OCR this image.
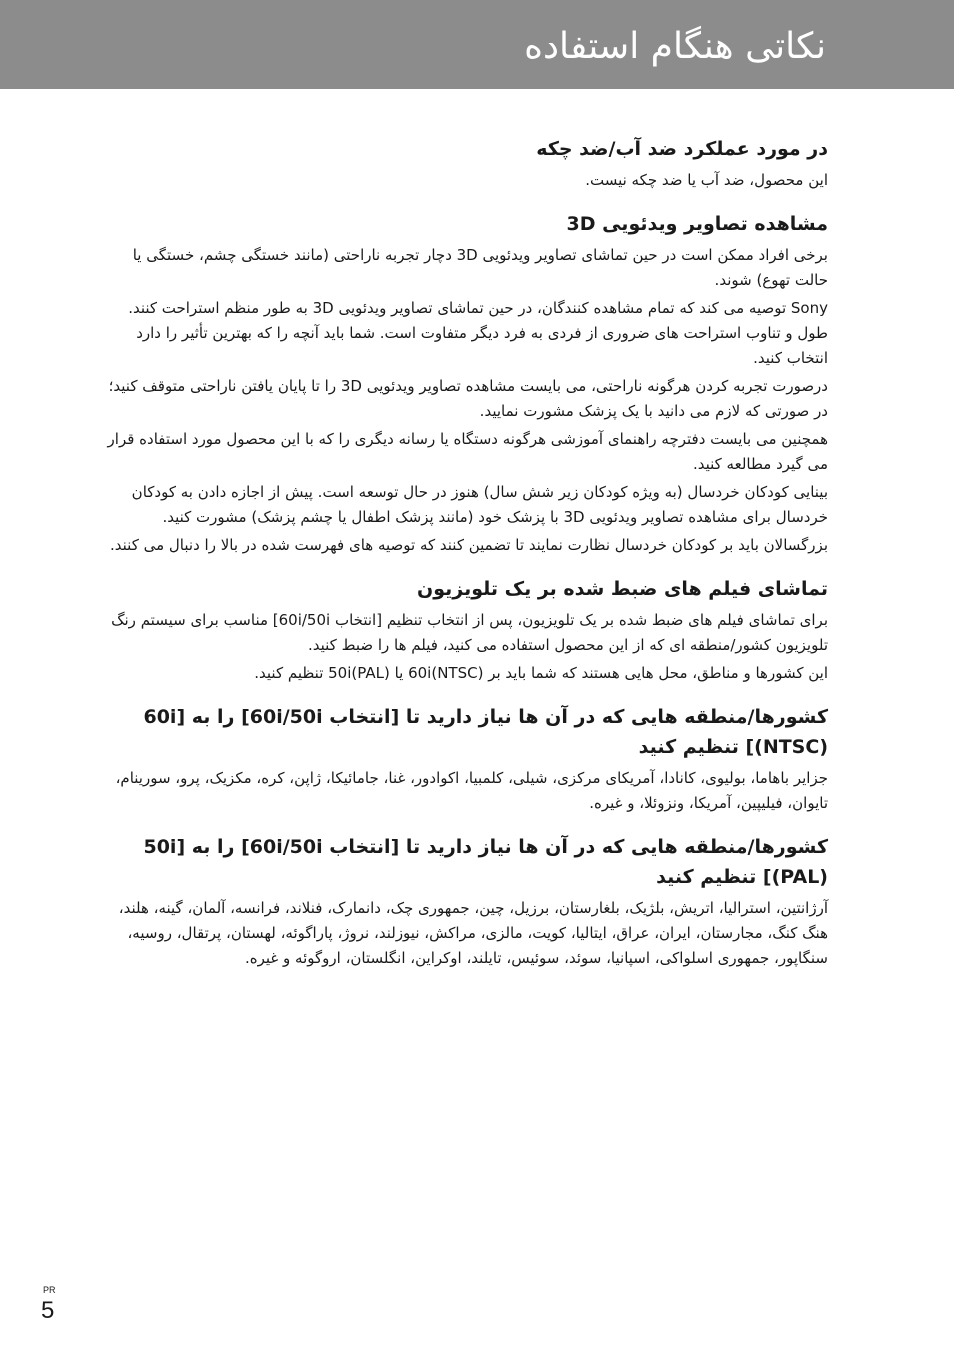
نکاتی هنگام استفاده
در مورد عملکرد ضد آب/ضد چکه

این محصول، ضد آب یا ضد چکه نیست.

مشاهده تصاویر ویدئویی 3D

برخی افراد ممکن است در حین تماشای تصاویر ویدئویی 3D دچار تجربه ناراحتی (مانند خستگی چشم، خستگی یا حالت تهوع) شوند.

Sony توصیه می کند که تمام مشاهده کنندگان، در حین تماشای تصاویر ویدئویی 3D به طور منظم استراحت کنند. طول و تناوب استراحت های ضروری از فردی به فرد دیگر متفاوت است. شما باید آنچه را که بهترین تأثیر را دارد انتخاب کنید.

درصورت تجربه کردن هرگونه ناراحتی، می بایست مشاهده تصاویر ویدئویی 3D را تا پایان یافتن ناراحتی متوقف کنید؛ در صورتی که لازم می دانید با یک پزشک مشورت نمایید.

همچنین می بایست دفترچه راهنمای آموزشی هرگونه دستگاه یا رسانه دیگری را که با این محصول مورد استفاده قرار می گیرد مطالعه کنید.

بینایی کودکان خردسال (به ویژه کودکان زیر شش سال) هنوز در حال توسعه است. پیش از اجازه دادن به کودکان خردسال برای مشاهده تصاویر ویدئویی 3D با پزشک خود (مانند پزشک اطفال یا چشم پزشک) مشورت کنید.

بزرگسالان باید بر کودکان خردسال نظارت نمایند تا تضمین کنند که توصیه های فهرست شده در بالا را دنبال می کنند.

تماشای فیلم های ضبط شده بر یک تلویزیون

برای تماشای فیلم های ضبط شده بر یک تلویزیون، پس از انتخاب تنظیم [انتخاب 60i/50i] مناسب برای سیستم رنگ تلویزیون کشور/منطقه ای که از این محصول استفاده می کنید، فیلم ها را ضبط کنید.

این کشورها و مناطق، محل هایی هستند که شما باید بر 60i(NTSC) یا 50i(PAL) تنظیم کنید.

کشورها/منطقه هایی که در آن ها نیاز دارید تا [انتخاب 60i/50i] را به [60i (NTSC)] تنظیم کنید

جزایر باهاما، بولیوی، کانادا، آمریکای مرکزی، شیلی، کلمبیا، اکوادور، غنا، جامائیکا، ژاپن، کره، مکزیک، پرو، سورینام، تایوان، فیلیپین، آمریکا، ونزوئلا، و غیره.

کشورها/منطقه هایی که در آن ها نیاز دارید تا [انتخاب 60i/50i] را به [50i (PAL)] تنظیم کنید

آرژانتین، استرالیا، اتریش، بلژیک، بلغارستان، برزیل، چین، جمهوری چک، دانمارک، فنلاند، فرانسه، آلمان، گینه، هلند، هنگ کنگ، مجارستان، ایران، عراق، ایتالیا، کویت، مالزی، مراکش، نیوزلند، نروژ، پاراگوئه، لهستان، پرتقال، روسیه، سنگاپور، جمهوری اسلواکی، اسپانیا، سوئد، سوئیس، تایلند، اوکراین، انگلستان، اروگوئه و غیره.

PR
5
